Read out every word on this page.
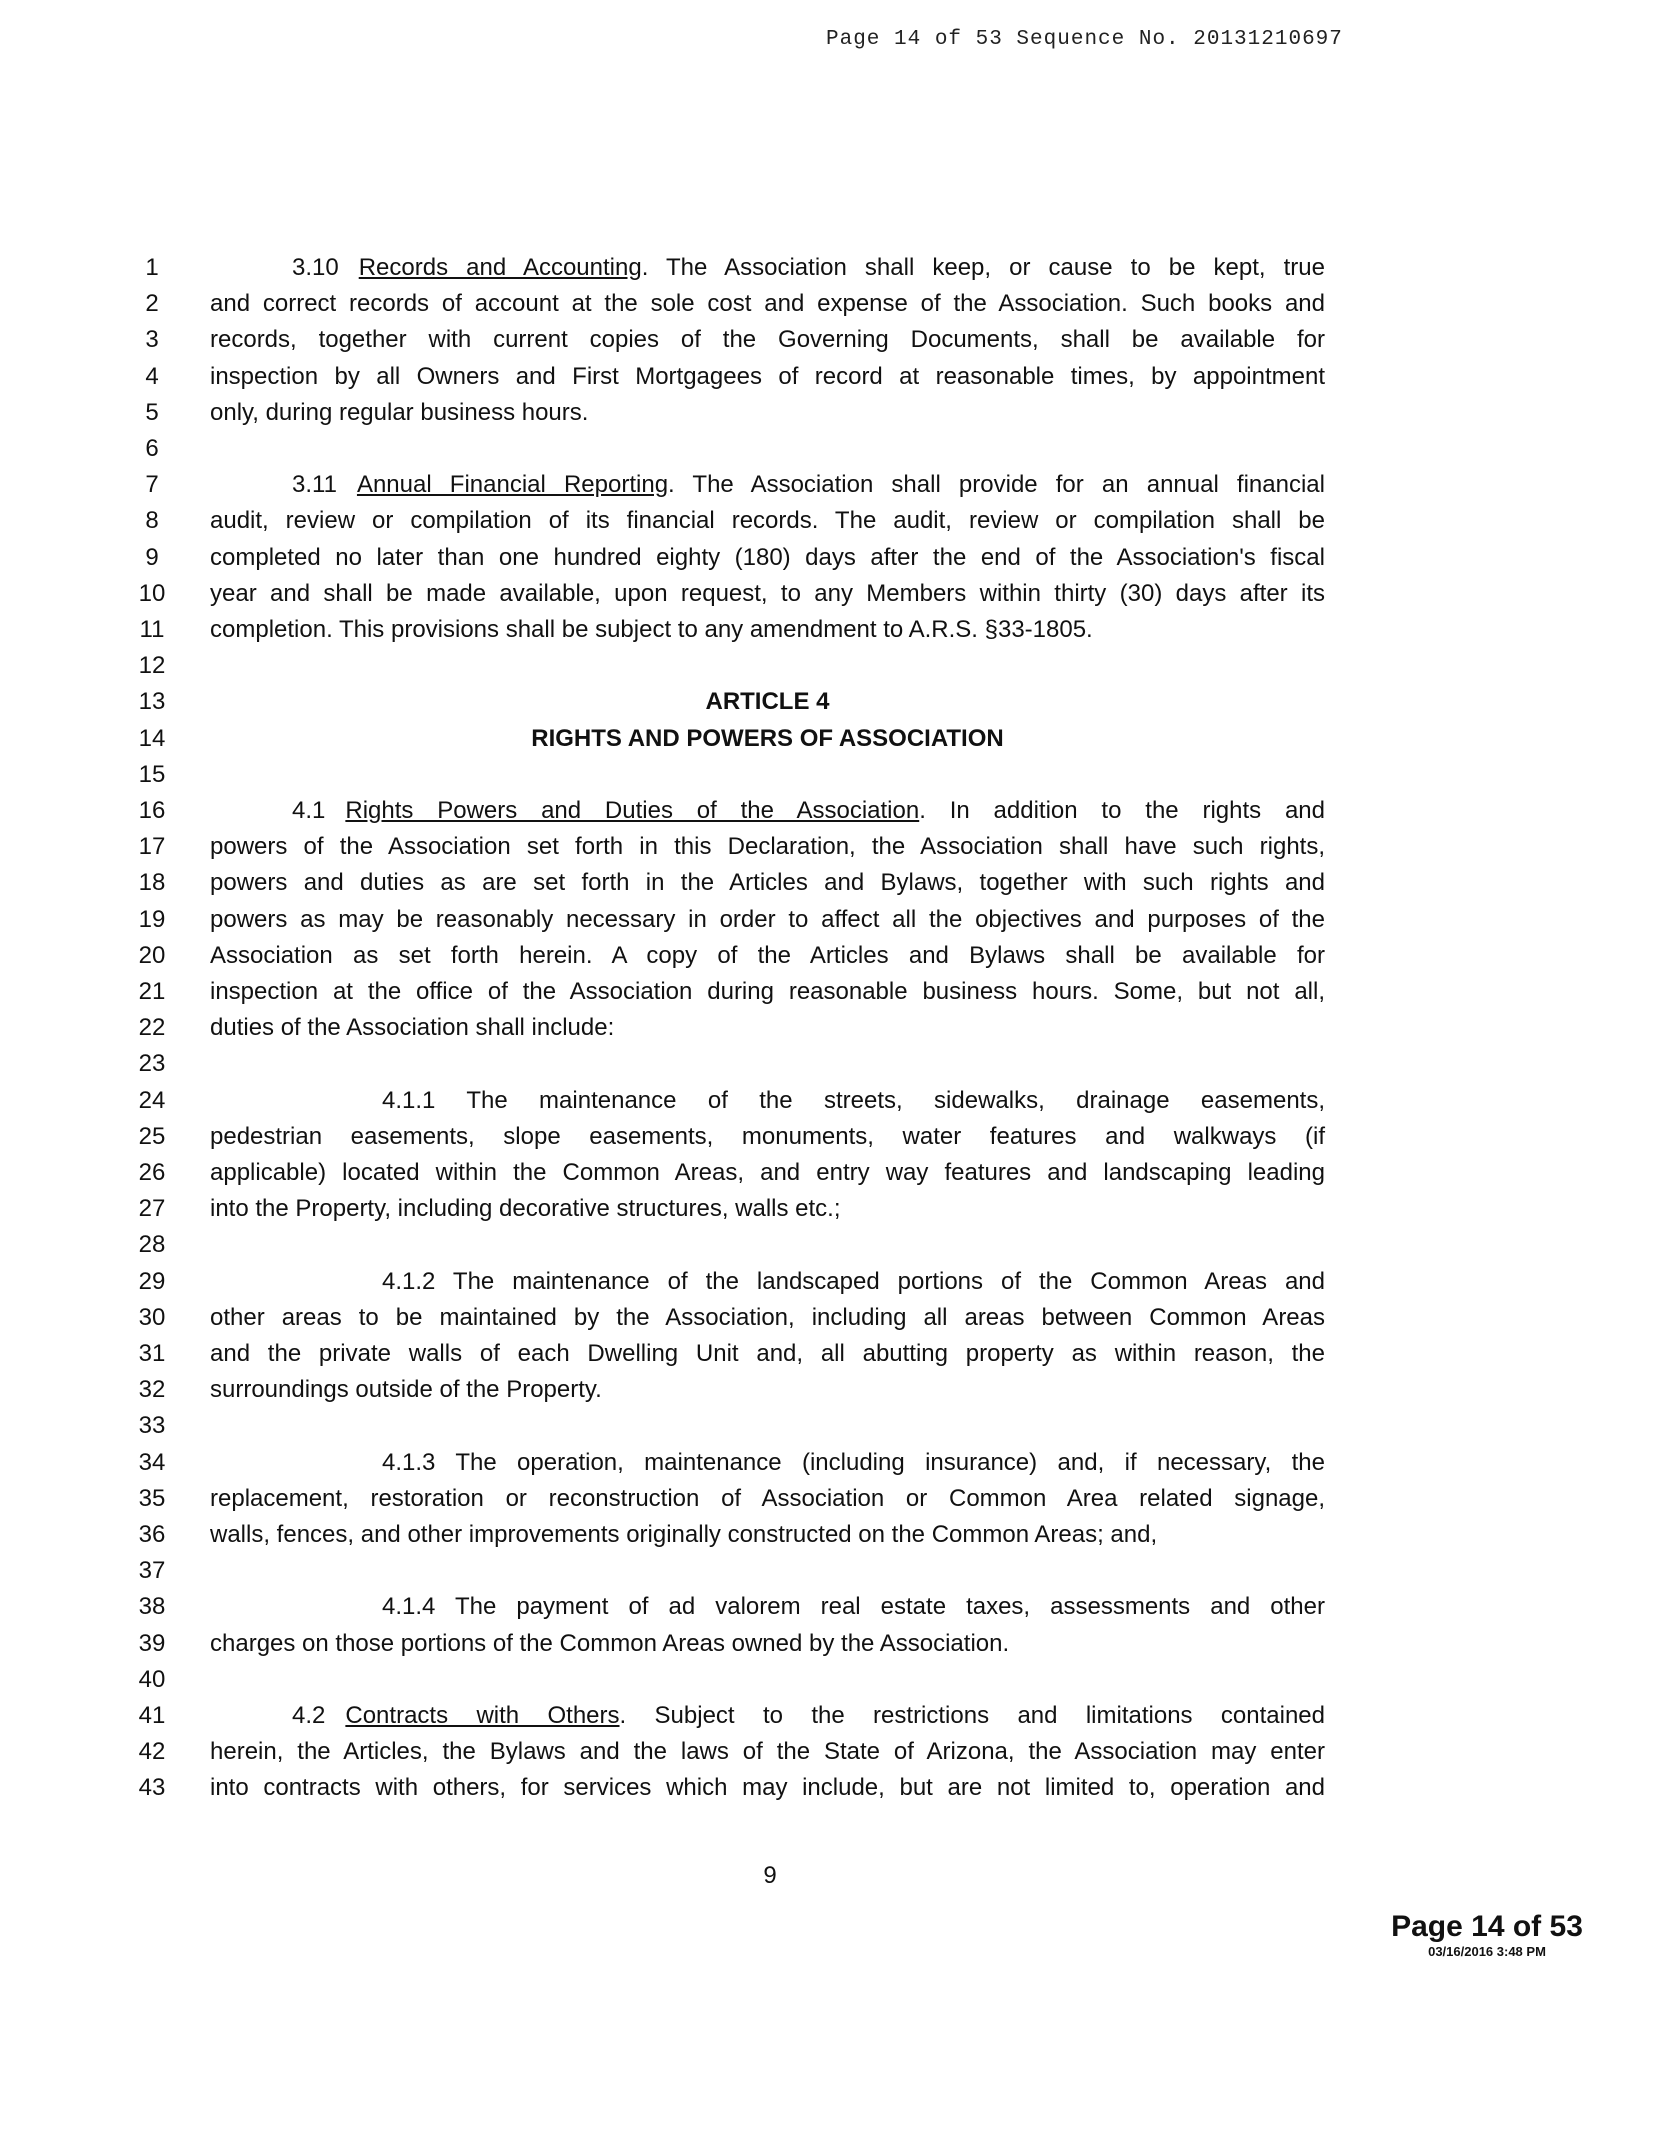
Page 14 of 53 Sequence No. 20131210697
1	3.10 Records and Accounting. The Association shall keep, or cause to be kept, true
2	and correct records of account at the sole cost and expense of the Association. Such books and
3	records, together with current copies of the Governing Documents, shall be available for
4	inspection by all Owners and First Mortgagees of record at reasonable times, by appointment
5	only, during regular business hours.
6
7	3.11 Annual Financial Reporting. The Association shall provide for an annual financial
8	audit, review or compilation of its financial records. The audit, review or compilation shall be
9	completed no later than one hundred eighty (180) days after the end of the Association's fiscal
10 year and shall be made available, upon request, to any Members within thirty (30) days after its
11	completion. This provisions shall be subject to any amendment to A.R.S. §33-1805.
12
13	ARTICLE 4
14	RIGHTS AND POWERS OF ASSOCIATION
15
16	4.1 Rights Powers and Duties of the Association. In addition to the rights and
17 powers of the Association set forth in this Declaration, the Association shall have such rights,
18 powers and duties as are set forth in the Articles and Bylaws, together with such rights and
19 powers as may be reasonably necessary in order to affect all the objectives and purposes of the
20 Association as set forth herein. A copy of the Articles and Bylaws shall be available for
21 inspection at the office of the Association during reasonable business hours. Some, but not all,
22 duties of the Association shall include:
23
24	4.1.1 The maintenance of the streets, sidewalks, drainage easements,
25 pedestrian easements, slope easements, monuments, water features and walkways (if
26 applicable) located within the Common Areas, and entry way features and landscaping leading
27 into the Property, including decorative structures, walls etc.;
28
29	4.1.2 The maintenance of the landscaped portions of the Common Areas and
30 other areas to be maintained by the Association, including all areas between Common Areas
31 and the private walls of each Dwelling Unit and, all abutting property as within reason, the
32 surroundings outside of the Property.
33
34	4.1.3 The operation, maintenance (including insurance) and, if necessary, the
35 replacement, restoration or reconstruction of Association or Common Area related signage,
36 walls, fences, and other improvements originally constructed on the Common Areas; and,
37
38	4.1.4 The payment of ad valorem real estate taxes, assessments and other
39 charges on those portions of the Common Areas owned by the Association.
40
41	4.2 Contracts with Others. Subject to the restrictions and limitations contained
42 herein, the Articles, the Bylaws and the laws of the State of Arizona, the Association may enter
43 into contracts with others, for services which may include, but are not limited to, operation and
9
Page 14 of 53
03/16/2016 3:48 PM
